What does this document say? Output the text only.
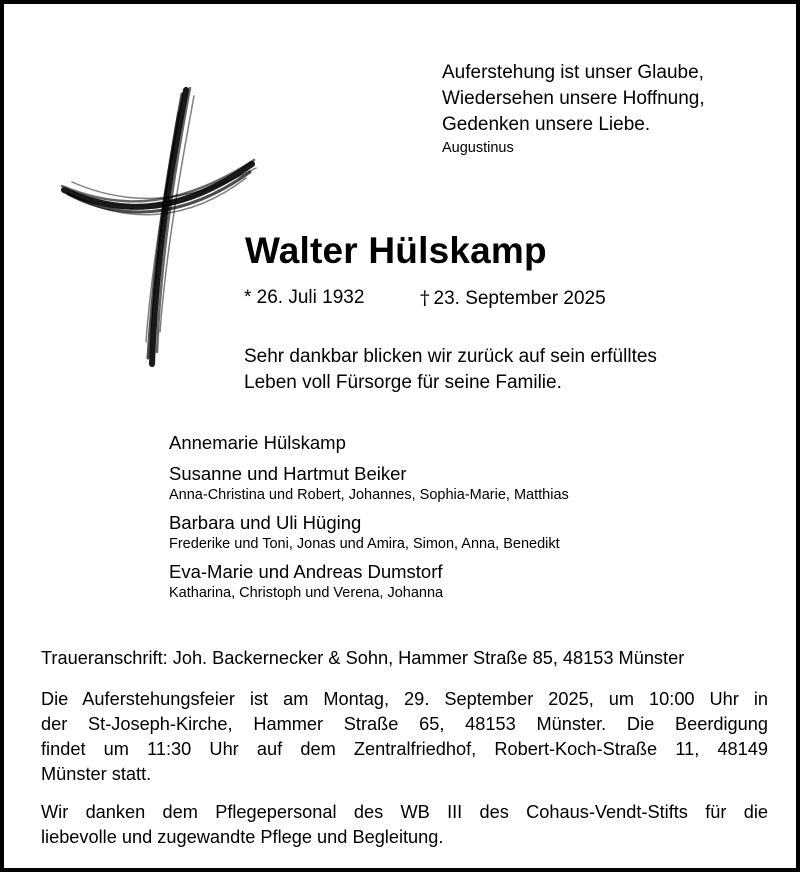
Auferstehung ist unser Glaube,
Wiedersehen unsere Hoffnung,
Gedenken unsere Liebe.
Augustinus
Walter Hülskamp
* 26. Juli 1932	† 23. September 2025
Sehr dankbar blicken wir zurück auf sein erfülltes
Leben voll Fürsorge für seine Familie.
Annemarie Hülskamp
Susanne und Hartmut Beiker
Anna-Christina und Robert, Johannes, Sophia-Marie, Matthias
Barbara und Uli Hüging
Frederike und Toni, Jonas und Amira, Simon, Anna, Benedikt
Eva-Marie und Andreas Dumstorf
Katharina, Christoph und Verena, Johanna
Traueranschrift: Joh. Backernecker & Sohn, Hammer Straße 85, 48153 Münster
Die Auferstehungsfeier ist am Montag, 29. September 2025, um 10:00 Uhr in
der St-Joseph-Kirche, Hammer Straße 65, 48153 Münster. Die Beerdigung
findet um 11:30 Uhr auf dem Zentralfriedhof, Robert-Koch-Straße 11, 48149
Münster statt.
Wir danken dem Pflegepersonal des WB III des Cohaus-Vendt-Stifts für die
liebevolle und zugewandte Pflege und Begleitung.
